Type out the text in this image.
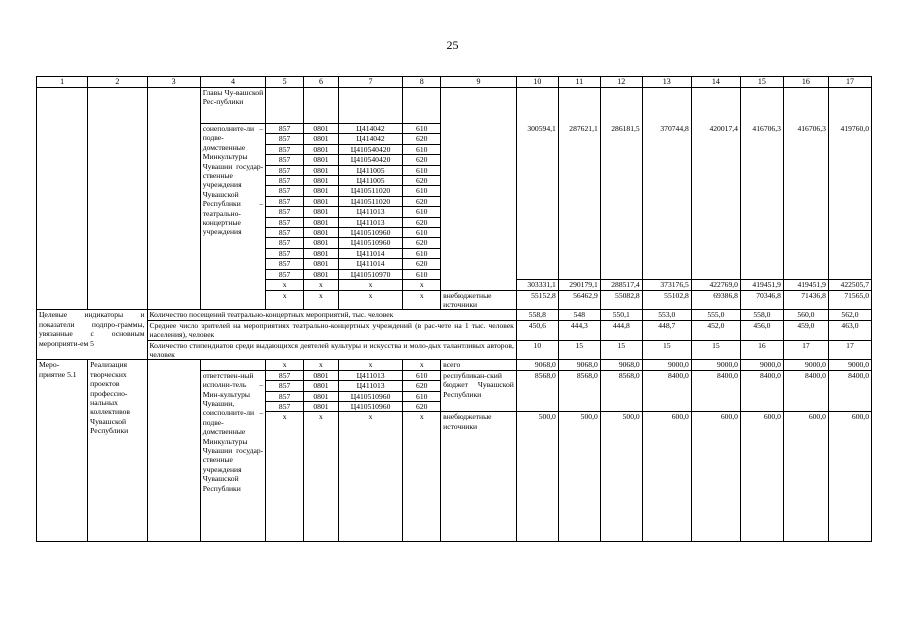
25
1	2	3	4	5	6	7	8	9	10	11	12	13	14	15	16	17
			Главы Чу-вашской Рес-публики													
			сонеполните-ли – подве-домственные Минкультуры Чувашии государ-ственные учреждения Чувашской Республики – театрально-концертные учреждения	857	0801	Ц414042	610		300594,1	287621,1	286181,5	370744,8	420017,4	416706,3	416706,3	419760,0
				857	0801	Ц414042	620									
				857	0801	Ц410540420	610									
				857	0801	Ц410540420	620									
				857	0801	Ц411005	610									
				857	0801	Ц411005	620									
				857	0801	Ц410511020	610									
				857	0801	Ц410511020	620									
				857	0801	Ц411013	610									
				857	0801	Ц411013	620									
				857	0801	Ц410510960	610									
				857	0801	Ц410510960	620									
				857	0801	Ц411014	610									
				857	0801	Ц411014	620									
				857	0801	Ц410510970	610									
				x	x	x	x		303331,1	290179,1	288517,4	373176,5	422769,0	419451,9	419451,9	422505,7
				x	x	x	x	внебюджетные источники	55152,8	56462,9	55082,8	55102,8	69386,8	70346,8	71436,8	71565,0
Целевые индикаторы и показатели подпро-граммы, увязанные с основным мероприяти-ем 5		Количество посещений театрально-концертных мероприятий, тыс. человек							558,8	548	550,1	553,0	555,0	558,0	560,0	562,0
		Среднее число зрителей на мероприятиях театрально-концертных учреждений (в рас-чете на 1 тыс. человек населения), человек							450,6	444,3	444,8	448,7	452,0	456,0	459,0	463,0
		Количество стипендиатов среди выдающихся деятелей культуры и искусства и моло-дых талантливых авторов, человек							10	15	15	15	15	16	17	17
Меро-приятие 5.1	Реализация творческих проектов профессио-нальных коллективов Чувашской Республики			x	x	x	x	всего	9068,0	9068,0	9068,0	9000,0	9000,0	9000,0	9000,0	9000,0
			ответствен-ный исполни-тель – Мин-культуры Чувашии, соисполните-ли – подве-домственные Минкультуры Чувашии государ-ственные учреждения Чувашской Республики	857	0801	Ц411013	610	республикан-ский бюджет Чувашской Республики	8568,0	8568,0	8568,0	8400,0	8400,0	8400,0	8400,0	8400,0
				857	0801	Ц411013	620									
				857	0801	Ц410510960	610									
				857	0801	Ц410510960	620									
				x	x	x	x	внебюджетные источники	500,0	500,0	500,0	600,0	600,0	600,0	600,0	600,0
